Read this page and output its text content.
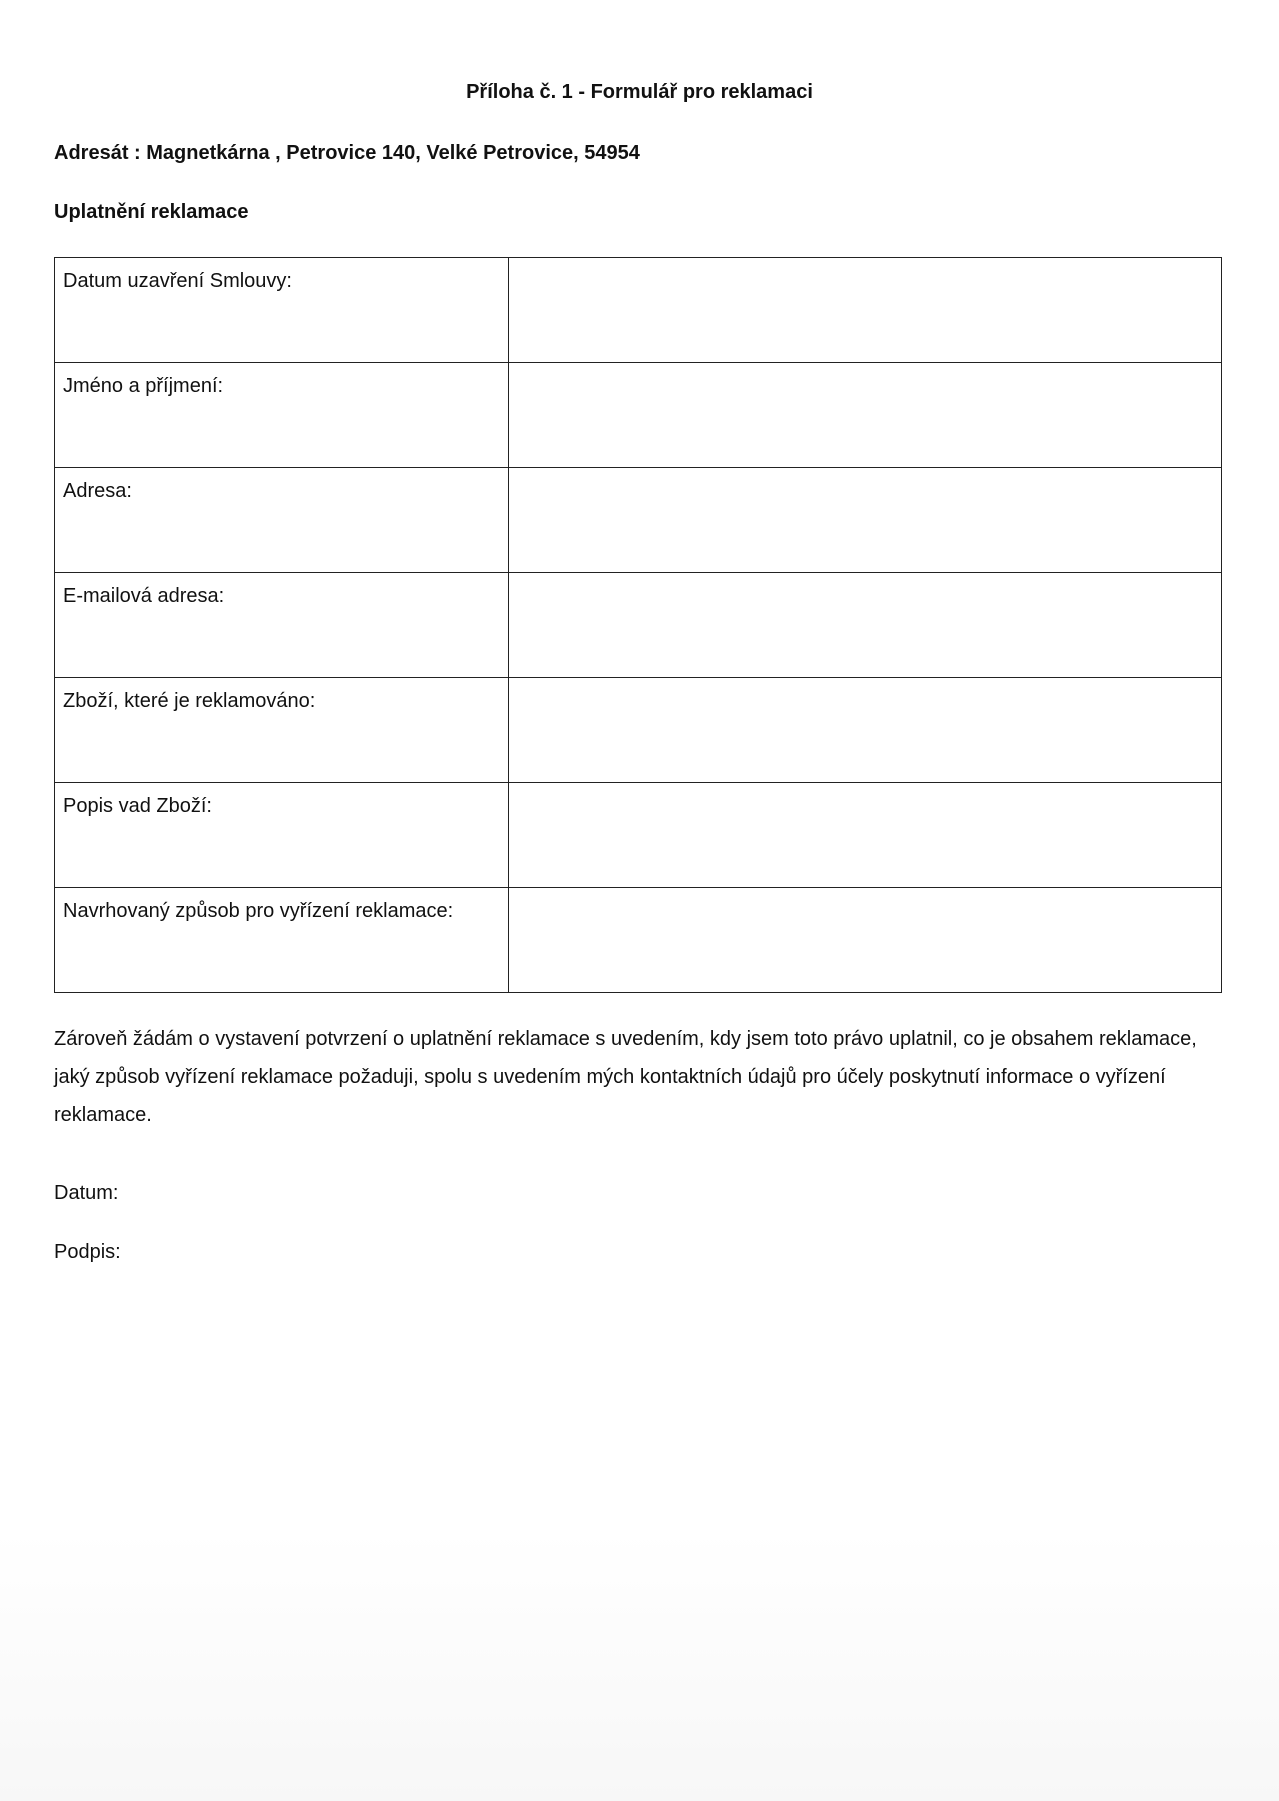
Příloha č. 1 - Formulář pro reklamaci
Adresát : Magnetkárna , Petrovice 140, Velké Petrovice, 54954
Uplatnění reklamace
Datum uzavření Smlouvy:	
Jméno a příjmení:	
Adresa:	
E-mailová adresa:	
Zboží, které je reklamováno:	
Popis vad Zboží:	
Navrhovaný způsob pro vyřízení reklamace:	
Zároveň žádám o vystavení potvrzení o uplatnění reklamace s uvedením, kdy jsem toto právo uplatnil, co je obsahem reklamace, jaký způsob vyřízení reklamace požaduji, spolu s uvedením mých kontaktních údajů pro účely poskytnutí informace o vyřízení reklamace.
Datum:
Podpis:
